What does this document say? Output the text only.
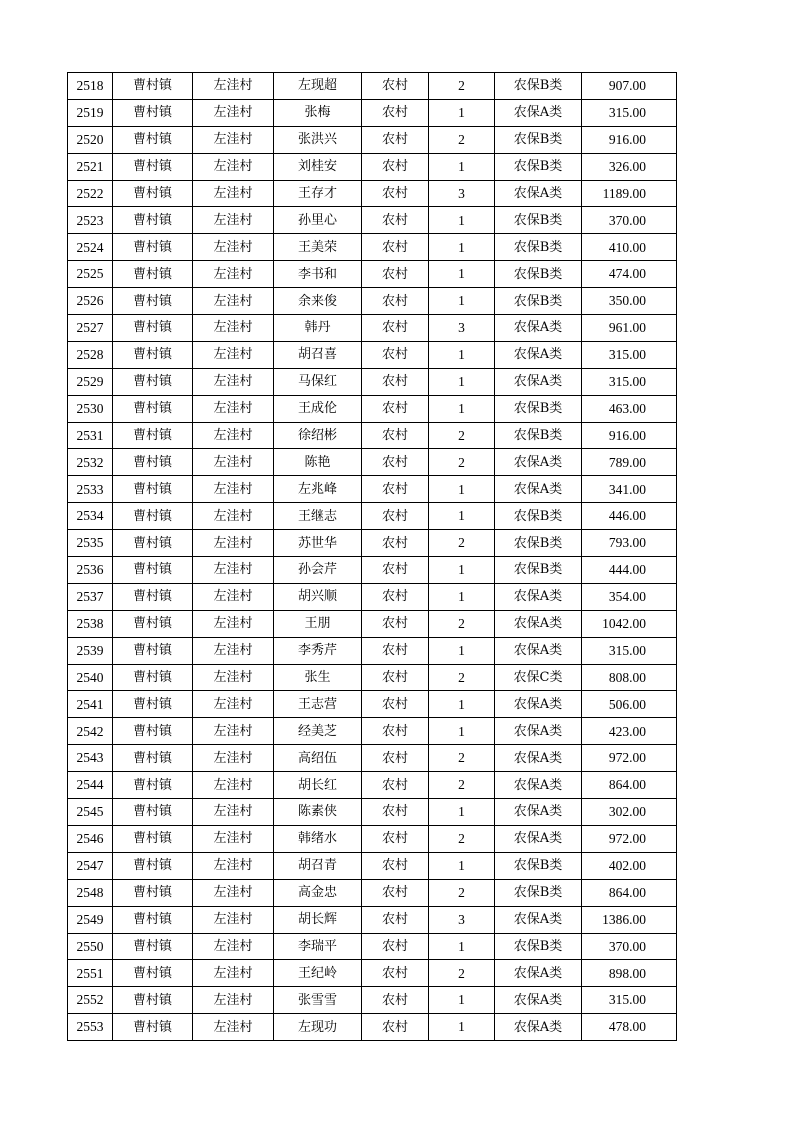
2518	曹村镇	左洼村	左现超	农村	2	农保B类	907.00
2519	曹村镇	左洼村	张梅	农村	1	农保A类	315.00
2520	曹村镇	左洼村	张洪兴	农村	2	农保B类	916.00
2521	曹村镇	左洼村	刘桂安	农村	1	农保B类	326.00
2522	曹村镇	左洼村	王存才	农村	3	农保A类	1189.00
2523	曹村镇	左洼村	孙里心	农村	1	农保B类	370.00
2524	曹村镇	左洼村	王美荣	农村	1	农保B类	410.00
2525	曹村镇	左洼村	李书和	农村	1	农保B类	474.00
2526	曹村镇	左洼村	余来俊	农村	1	农保B类	350.00
2527	曹村镇	左洼村	韩丹	农村	3	农保A类	961.00
2528	曹村镇	左洼村	胡召喜	农村	1	农保A类	315.00
2529	曹村镇	左洼村	马保红	农村	1	农保A类	315.00
2530	曹村镇	左洼村	王成伦	农村	1	农保B类	463.00
2531	曹村镇	左洼村	徐绍彬	农村	2	农保B类	916.00
2532	曹村镇	左洼村	陈艳	农村	2	农保A类	789.00
2533	曹村镇	左洼村	左兆峰	农村	1	农保A类	341.00
2534	曹村镇	左洼村	王继志	农村	1	农保B类	446.00
2535	曹村镇	左洼村	苏世华	农村	2	农保B类	793.00
2536	曹村镇	左洼村	孙会芹	农村	1	农保B类	444.00
2537	曹村镇	左洼村	胡兴顺	农村	1	农保A类	354.00
2538	曹村镇	左洼村	王朋	农村	2	农保A类	1042.00
2539	曹村镇	左洼村	李秀芹	农村	1	农保A类	315.00
2540	曹村镇	左洼村	张生	农村	2	农保C类	808.00
2541	曹村镇	左洼村	王志营	农村	1	农保A类	506.00
2542	曹村镇	左洼村	经美芝	农村	1	农保A类	423.00
2543	曹村镇	左洼村	高绍伍	农村	2	农保A类	972.00
2544	曹村镇	左洼村	胡长红	农村	2	农保A类	864.00
2545	曹村镇	左洼村	陈素侠	农村	1	农保A类	302.00
2546	曹村镇	左洼村	韩绪水	农村	2	农保A类	972.00
2547	曹村镇	左洼村	胡召青	农村	1	农保B类	402.00
2548	曹村镇	左洼村	高金忠	农村	2	农保B类	864.00
2549	曹村镇	左洼村	胡长辉	农村	3	农保A类	1386.00
2550	曹村镇	左洼村	李瑞平	农村	1	农保B类	370.00
2551	曹村镇	左洼村	王纪岭	农村	2	农保A类	898.00
2552	曹村镇	左洼村	张雪雪	农村	1	农保A类	315.00
2553	曹村镇	左洼村	左现功	农村	1	农保A类	478.00
